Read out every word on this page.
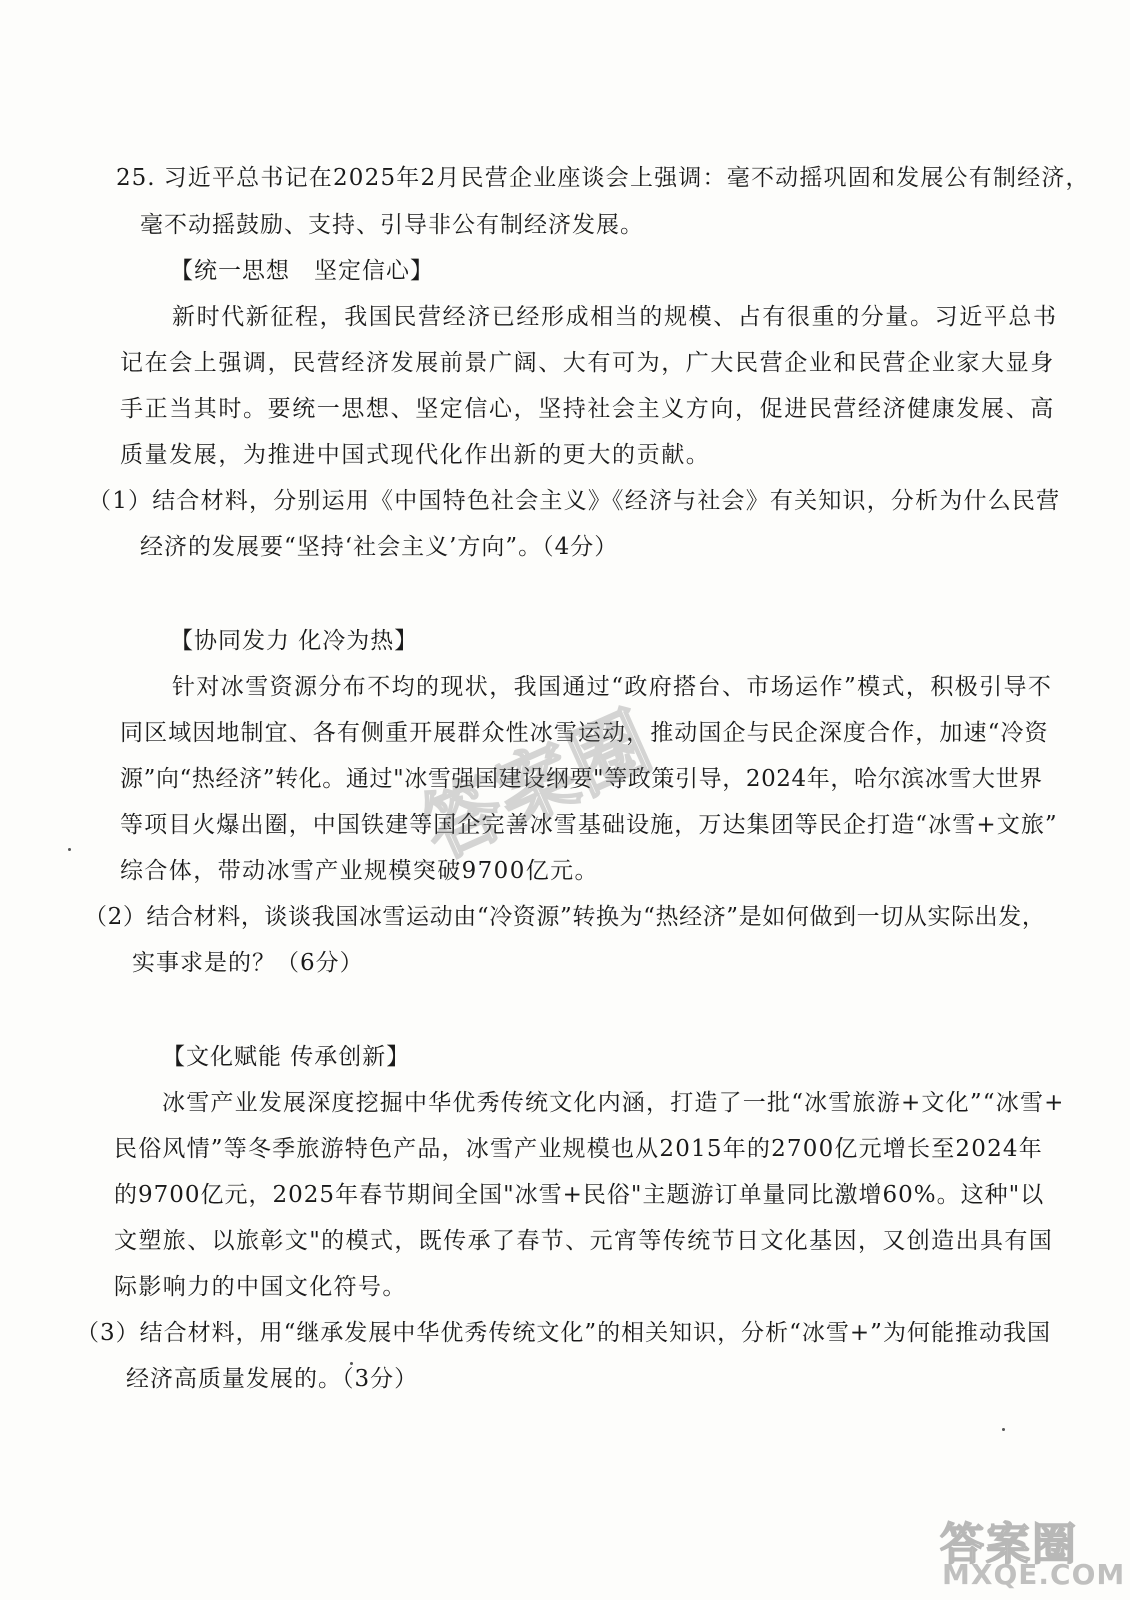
25. 习近平总书记在2025年2月民营企业座谈会上强调：毫不动摇巩固和发展公有制经济，
毫不动摇鼓励、支持、引导非公有制经济发展。
【统一思想　坚定信心】
新时代新征程，我国民营经济已经形成相当的规模、占有很重的分量。习近平总书
记在会上强调，民营经济发展前景广阔、大有可为，广大民营企业和民营企业家大显身
手正当其时。要统一思想、坚定信心，坚持社会主义方向，促进民营经济健康发展、高
质量发展，为推进中国式现代化作出新的更大的贡献。
（1）结合材料，分别运用《中国特色社会主义》《经济与社会》有关知识，分析为什么民营
经济的发展要“坚持‘社会主义’方向”。（4分）
【协同发力 化冷为热】
针对冰雪资源分布不均的现状，我国通过“政府搭台、市场运作”模式，积极引导不
同区域因地制宜、各有侧重开展群众性冰雪运动，推动国企与民企深度合作，加速“冷资
源”向“热经济”转化。通过"冰雪强国建设纲要"等政策引导，2024年，哈尔滨冰雪大世界
等项目火爆出圈，中国铁建等国企完善冰雪基础设施，万达集团等民企打造“冰雪+文旅”
综合体，带动冰雪产业规模突破9700亿元。
（2）结合材料，谈谈我国冰雪运动由“冷资源”转换为“热经济”是如何做到一切从实际出发，
实事求是的？（6分）
【文化赋能 传承创新】
冰雪产业发展深度挖掘中华优秀传统文化内涵，打造了一批“冰雪旅游+文化”“冰雪+
民俗风情”等冬季旅游特色产品，冰雪产业规模也从2015年的2700亿元增长至2024年
的9700亿元，2025年春节期间全国"冰雪+民俗"主题游订单量同比激增60%。这种"以
文塑旅、以旅彰文"的模式，既传承了春节、元宵等传统节日文化基因，又创造出具有国
际影响力的中国文化符号。
（3）结合材料，用“继承发展中华优秀传统文化”的相关知识，分析“冰雪+”为何能推动我国
经济高质量发展的。（3分）
答案圈
答案圈
MXQE.COM
